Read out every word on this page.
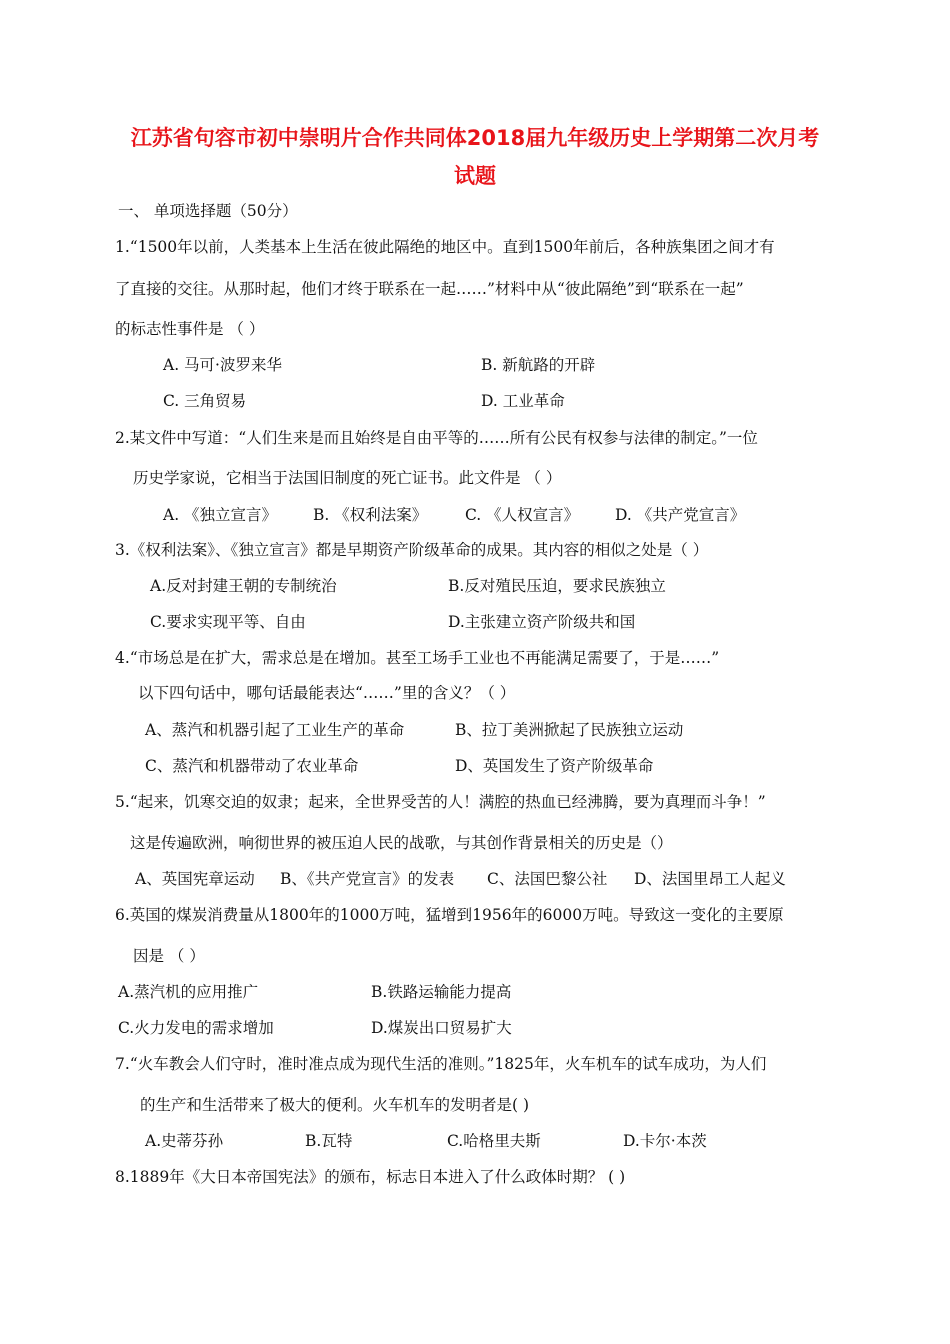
江苏省句容市初中崇明片合作共同体2018届九年级历史上学期第二次月考
试题
一、 单项选择题（50分）
1.“1500年以前，人类基本上生活在彼此隔绝的地区中。直到1500年前后，各种族集团之间才有
了直接的交往。从那时起，他们才终于联系在一起……”材料中从“彼此隔绝”到“联系在一起”
的标志性事件是 （ ）
A. 马可·波罗来华	B. 新航路的开辟
C. 三角贸易	D. 工业革命
2.某文件中写道：“人们生来是而且始终是自由平等的……所有公民有权参与法律的制定。”一位
历史学家说，它相当于法国旧制度的死亡证书。此文件是 （ ）
A. 《独立宣言》 B. 《权利法案》 C. 《人权宣言》 D. 《共产党宣言》
3.《权利法案》、《独立宣言》都是早期资产阶级革命的成果。其内容的相似之处是（ ）
A.反对封建王朝的专制统治	B.反对殖民压迫，要求民族独立
C.要求实现平等、自由	D.主张建立资产阶级共和国
4.“市场总是在扩大，需求总是在增加。甚至工场手工业也不再能满足需要了，于是……”
以下四句话中，哪句话最能表达“……”里的含义？（ ）
A、蒸汽和机器引起了工业生产的革命	B、拉丁美洲掀起了民族独立运动
C、蒸汽和机器带动了农业革命	D、英国发生了资产阶级革命
5.“起来，饥寒交迫的奴隶；起来，全世界受苦的人！满腔的热血已经沸腾，要为真理而斗争！”
这是传遍欧洲，响彻世界的被压迫人民的战歌，与其创作背景相关的历史是（）
A、英国宪章运动 B、《共产党宣言》的发表 C、法国巴黎公社 D、法国里昂工人起义
6.英国的煤炭消费量从1800年的1000万吨，猛增到1956年的6000万吨。导致这一变化的主要原
因是 （ ）
A.蒸汽机的应用推广	B.铁路运输能力提高
C.火力发电的需求增加	D.煤炭出口贸易扩大
7.“火车教会人们守时，准时准点成为现代生活的准则。”1825年，火车机车的试车成功，为人们
的生产和生活带来了极大的便利。火车机车的发明者是( )
A.史蒂芬孙	B.瓦特	C.哈格里夫斯	D.卡尔·本茨
8.1889年《大日本帝国宪法》的颁布，标志日本进入了什么政体时期？ ( )
